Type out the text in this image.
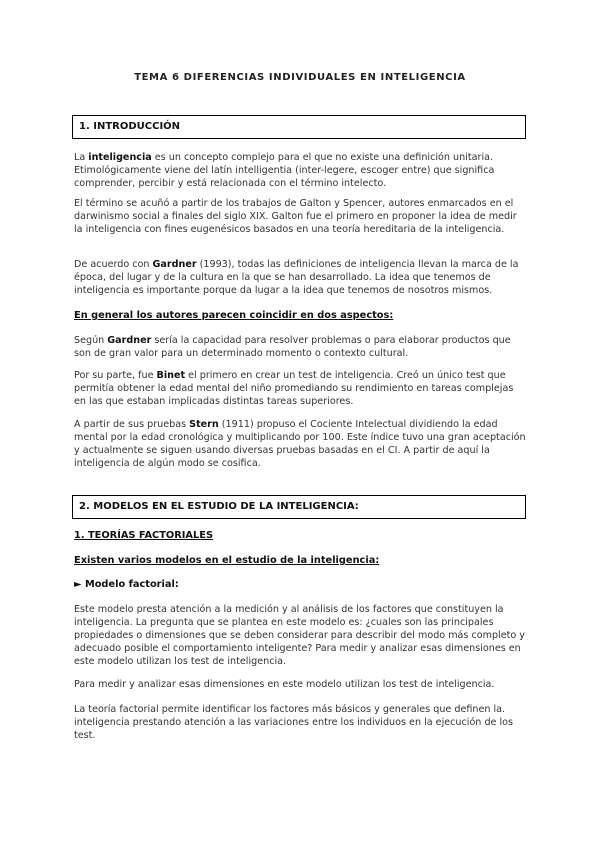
TEMA 6 DIFERENCIAS INDIVIDUALES EN INTELIGENCIA
1. INTRODUCCIÓN

La inteligencia es un concepto complejo para el que no existe una definición unitaria. Etimológicamente viene del latín intelligentia (inter-legere, escoger entre) que significa comprender, percibir y está relacionada con el término intelecto.

El término se acuñó a partir de los trabajos de Galton y Spencer, autores enmarcados en el darwinismo social a finales del siglo XIX. Galton fue el primero en proponer la idea de medir la inteligencia con fines eugenésicos basados en una teoría hereditaria de la inteligencia.

De acuerdo con Gardner (1993), todas las definiciones de inteligencia llevan la marca de la época, del lugar y de la cultura en la que se han desarrollado. La idea que tenemos de inteligencia es importante porque da lugar a la idea que tenemos de nosotros mismos.

En general los autores parecen coincidir en dos aspectos:

Según Gardner sería la capacidad para resolver problemas o para elaborar productos que son de gran valor para un determinado momento o contexto cultural.

Por su parte, fue Binet el primero en crear un test de inteligencia. Creó un único test que permitía obtener la edad mental del niño promediando su rendimiento en tareas complejas en las que estaban implicadas distintas tareas superiores.

A partir de sus pruebas Stern (1911) propuso el Cociente Intelectual dividiendo la edad mental por la edad cronológica y multiplicando por 100. Este índice tuvo una gran aceptación y actualmente se siguen usando diversas pruebas basadas en el CI. A partir de aquí la inteligencia de algún modo se cosifica.

2. MODELOS EN EL ESTUDIO DE LA INTELIGENCIA:
1. TEORÍAS FACTORIALES
Existen varios modelos en el estudio de la inteligencia:
► Modelo factorial:

Este modelo presta atención a la medición y al análisis de los factores que constituyen la inteligencia. La pregunta que se plantea en este modelo es: ¿cuales son las principales propiedades o dimensiones que se deben considerar para describir del modo más completo y adecuado posible el comportamiento inteligente? Para medir y analizar esas dimensiones en este modelo utilizan los test de inteligencia.

Para medir y analizar esas dimensiones en este modelo utilizan los test de inteligencia.

La teoría factorial permite identificar los factores más básicos y generales que definen la. inteligencia prestando atención a las variaciones entre los individuos en la ejecución de los test.
